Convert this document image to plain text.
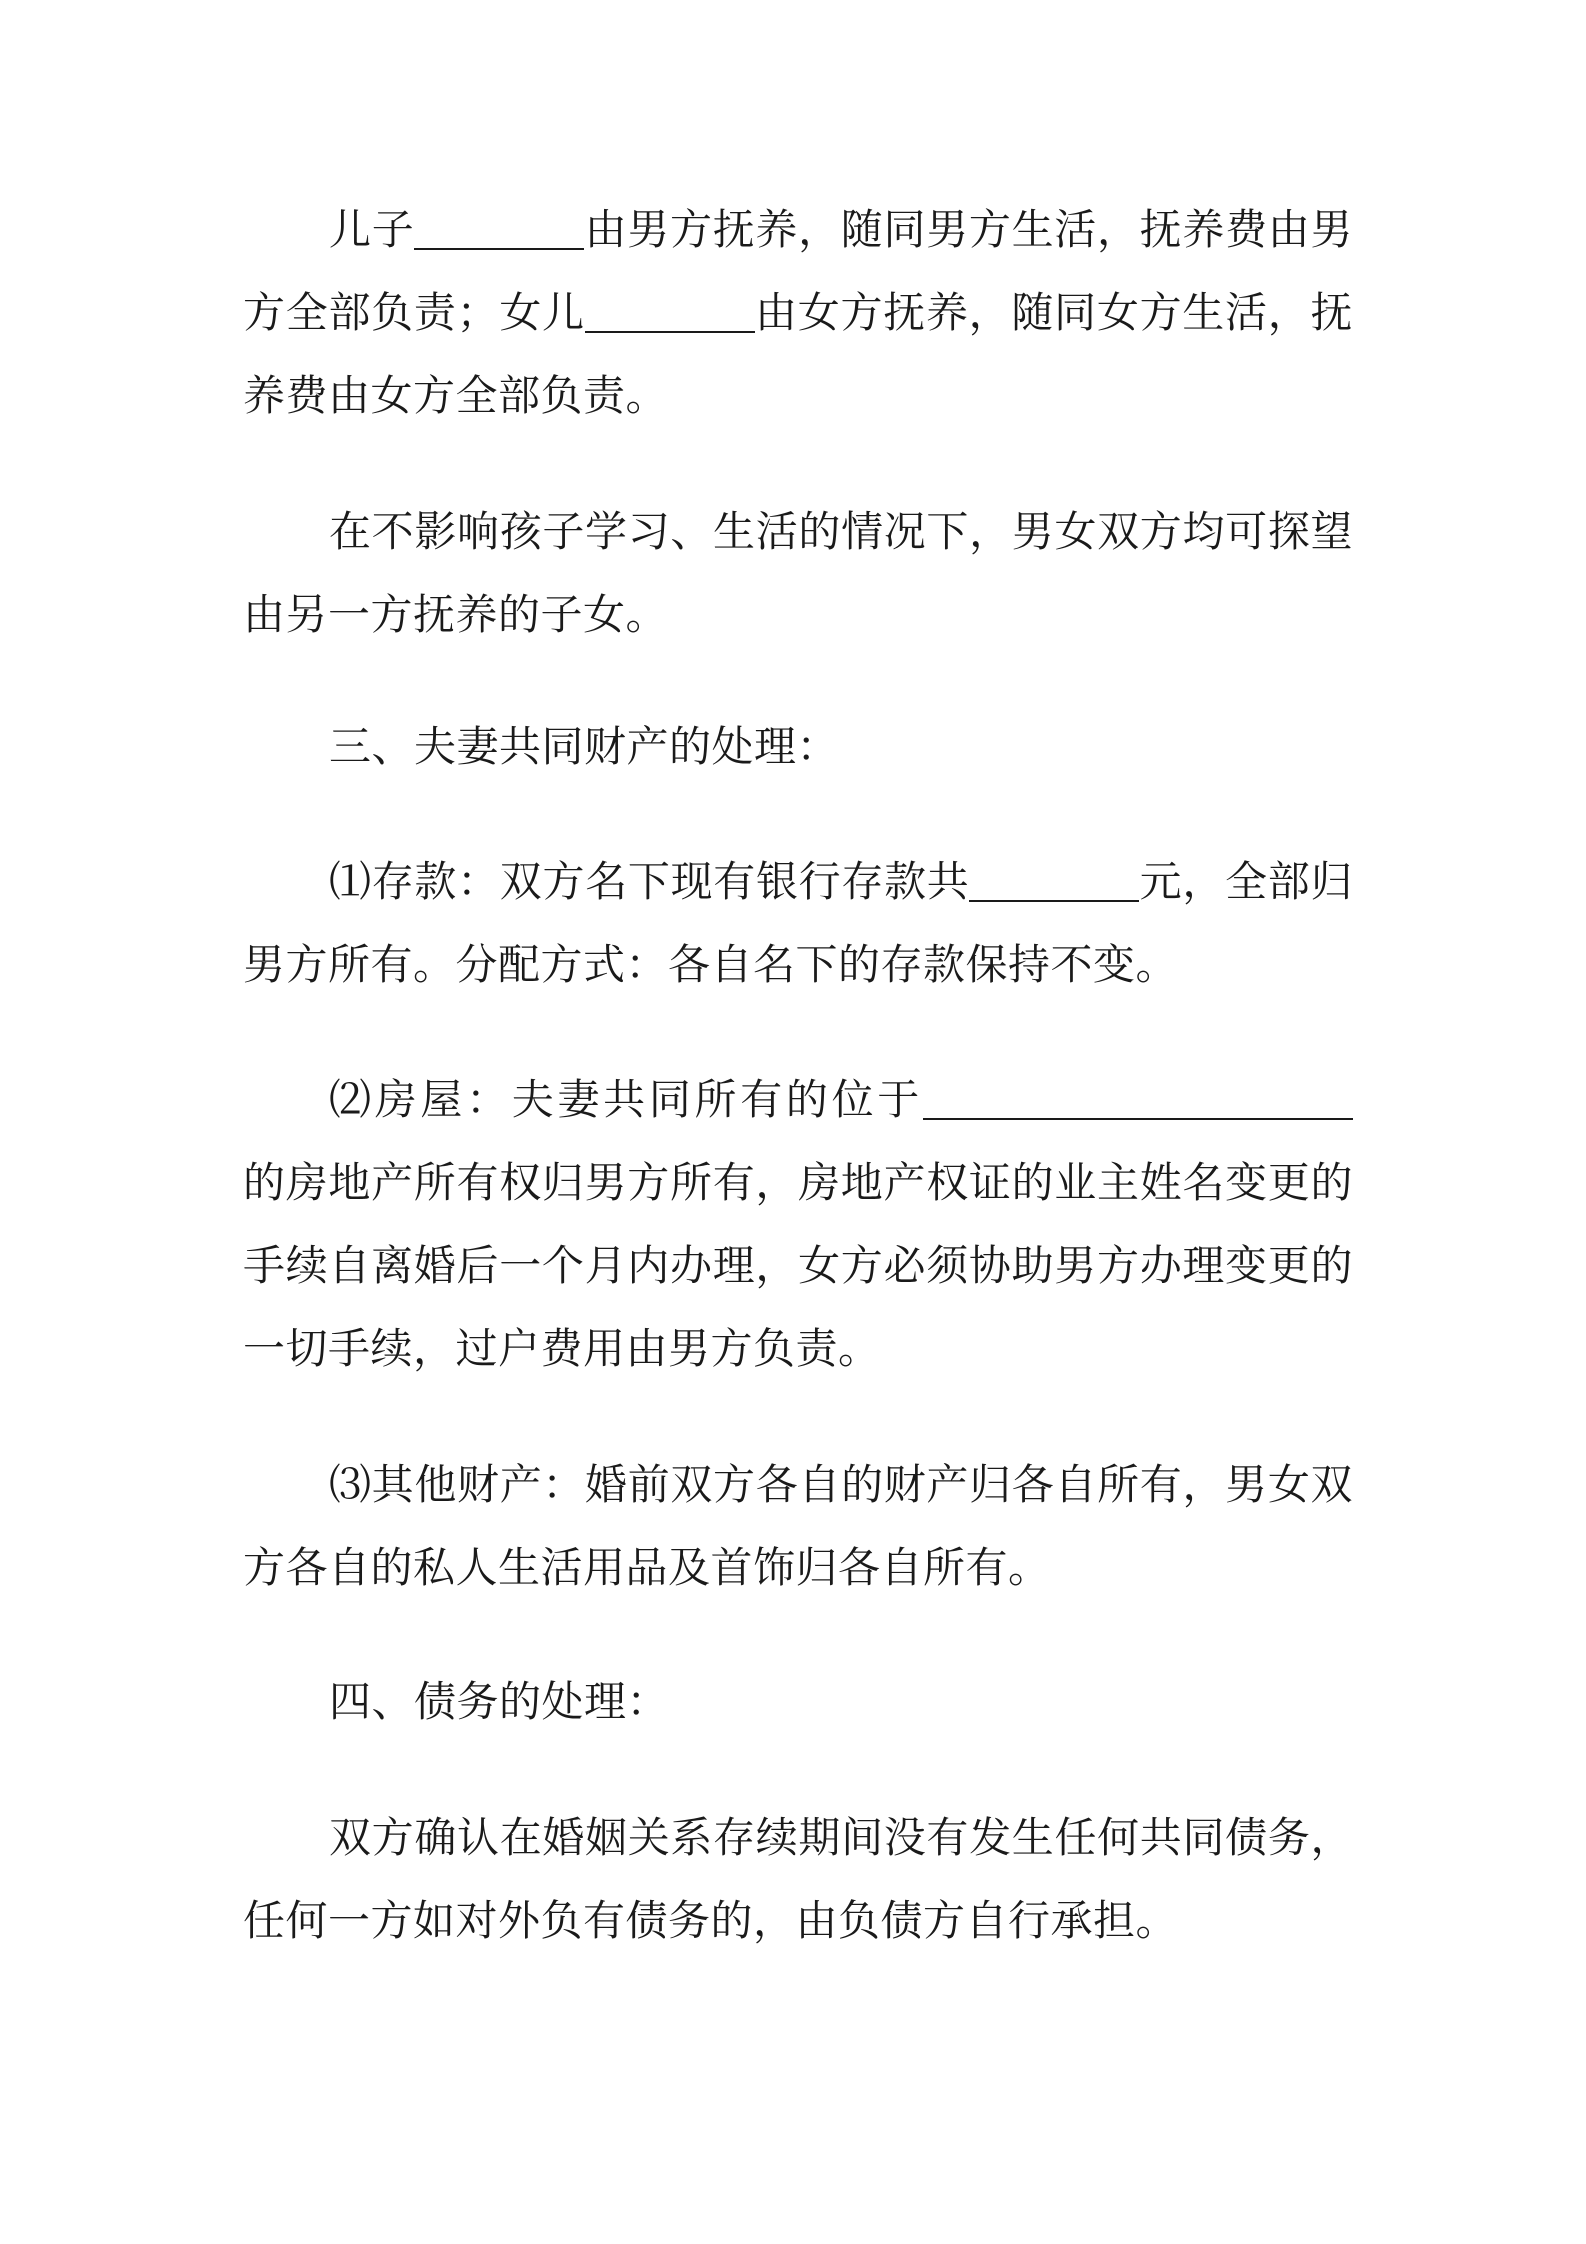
儿子	由男方抚养，随同男方生活，抚养费由男方全部负责；女儿	由女方抚养，随同女方生活，抚养费由女方全部负责。

在不影响孩子学习、生活的情况下，男女双方均可探望由另一方抚养的子女。

三、夫妻共同财产的处理：

⑴存款：双方名下现有银行存款共	元，全部归男方所有。分配方式：各自名下的存款保持不变。

⑵房屋：夫妻共同所有的位于的房地产所有权归男方所有，房地产权证的业主姓名变更的手续自离婚后一个月内办理，女方必须协助男方办理变更的一切手续，过户费用由男方负责。

⑶其他财产：婚前双方各自的财产归各自所有，男女双方各自的私人生活用品及首饰归各自所有。

四、债务的处理：

双方确认在婚姻关系存续期间没有发生任何共同债务，任何一方如对外负有债务的，由负债方自行承担。
